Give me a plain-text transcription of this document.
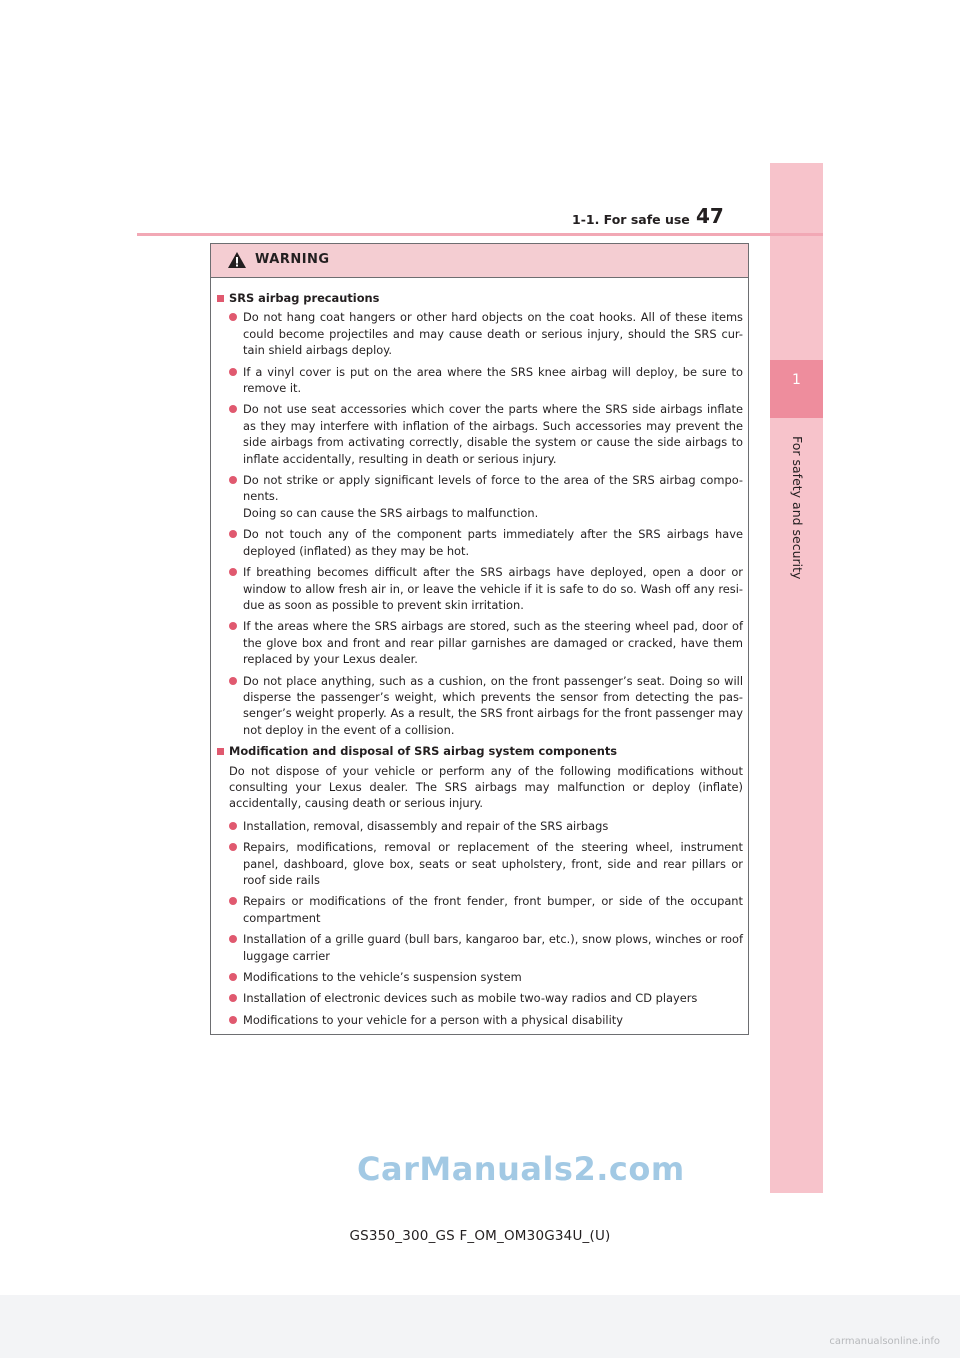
1
For safety and security
1-1. For safe use 47
WARNING
SRS airbag precautions
Do not hang coat hangers or other hard objects on the coat hooks. All of these items could become projectiles and may cause death or serious injury, should the SRS cur-tain shield airbags deploy.
If a vinyl cover is put on the area where the SRS knee airbag will deploy, be sure to remove it.
Do not use seat accessories which cover the parts where the SRS side airbags inflate as they may interfere with inflation of the airbags. Such accessories may prevent the side airbags from activating correctly, disable the system or cause the side airbags to inflate accidentally, resulting in death or serious injury.
Do not strike or apply significant levels of force to the area of the SRS airbag compo-nents.
Doing so can cause the SRS airbags to malfunction.
Do not touch any of the component parts immediately after the SRS airbags have deployed (inflated) as they may be hot.
If breathing becomes difficult after the SRS airbags have deployed, open a door or window to allow fresh air in, or leave the vehicle if it is safe to do so. Wash off any resi-due as soon as possible to prevent skin irritation.
If the areas where the SRS airbags are stored, such as the steering wheel pad, door of the glove box and front and rear pillar garnishes are damaged or cracked, have them replaced by your Lexus dealer.
Do not place anything, such as a cushion, on the front passenger’s seat. Doing so will disperse the passenger’s weight, which prevents the sensor from detecting the pas-senger’s weight properly. As a result, the SRS front airbags for the front passenger may not deploy in the event of a collision.
Modification and disposal of SRS airbag system components
Do not dispose of your vehicle or perform any of the following modifications without consulting your Lexus dealer. The SRS airbags may malfunction or deploy (inflate) accidentally, causing death or serious injury.
Installation, removal, disassembly and repair of the SRS airbags
Repairs, modifications, removal or replacement of the steering wheel, instrument panel, dashboard, glove box, seats or seat upholstery, front, side and rear pillars or roof side rails
Repairs or modifications of the front fender, front bumper, or side of the occupant compartment
Installation of a grille guard (bull bars, kangaroo bar, etc.), snow plows, winches or roof luggage carrier
Modifications to the vehicle’s suspension system
Installation of electronic devices such as mobile two-way radios and CD players
Modifications to your vehicle for a person with a physical disability
CarManuals2.com
GS350_300_GS F_OM_OM30G34U_(U)
carmanualsonline.info
